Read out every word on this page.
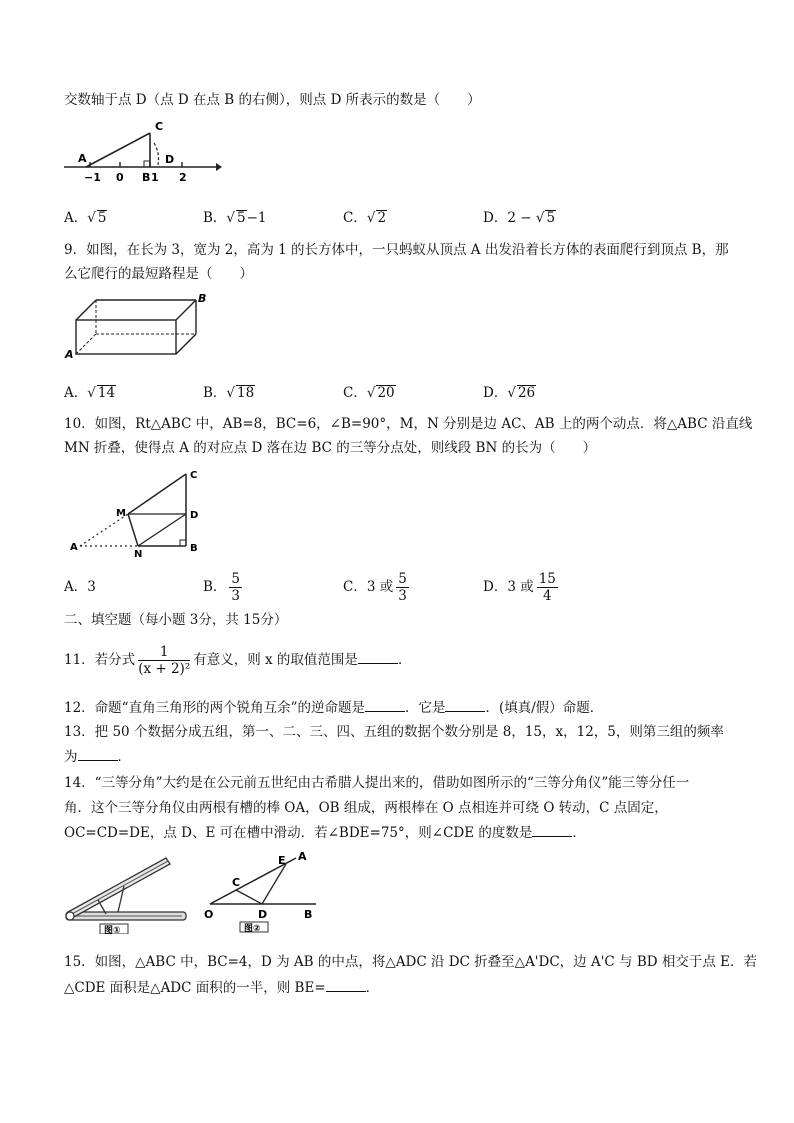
交数轴于点 D（点 D 在点 B 的右侧），则点 D 所表示的数是（　　）
C
A	D
−1 0 B 1 2
A．√ 5	B．√ 5−1	C．√ 2	D．2 − √ 5
9．如图，在长为 3，宽为 2，高为 1 的长方体中，一只蚂蚁从顶点 A 出发沿着长方体的表面爬行到顶点 B，那
么它爬行的最短路程是（　　）
B
A
A．√ 14	B．√ 18	C．√ 20	D．√ 26
10．如图，Rt△ABC 中，AB=8，BC=6，∠B=90°，M，N 分别是边 AC、AB 上的两个动点．将△ABC 沿直线
MN 折叠，使得点 A 的对应点 D 落在边 BC 的三等分点处，则线段 BN 的长为（　　）
C
D
B
M
A
N
A．3	B． $\frac{5}{3}$	C．3 或 $\frac{5}{3}$	D．3 或 $\frac{15}{4}$
二、填空题（每小题 3分，共 15分）
11．若分式 $\frac{1}{\text{(x + 2)²}}$ 有意义，则 x 的取值范围是	．
12．命题“直角三角形的两个锐角互余”的逆命题是	．它是	．(填真/假）命题．
13．把 50 个数据分成五组，第一、二、三、四、五组的数据个数分别是 8，15，x，12，5，则第三组的频率
为	．
14．“三等分角”大约是在公元前五世纪由古希腊人提出来的，借助如图所示的“三等分角仪”能三等分任一
角．这个三等分角仪由两根有槽的棒 OA，OB 组成，两根棒在 O 点相连并可绕 O 转动，C 点固定，
OC=CD=DE，点 D、E 可在槽中滑动．若∠BDE=75°，则∠CDE 的度数是	．
图①
O
C
D
E A
B
图②
15．如图，△ABC 中，BC=4，D 为 AB 的中点，将△ADC 沿 DC 折叠至△A'DC，边 A'C 与 BD 相交于点 E．若
△CDE 面积是△ADC 面积的一半，则 BE=	．
